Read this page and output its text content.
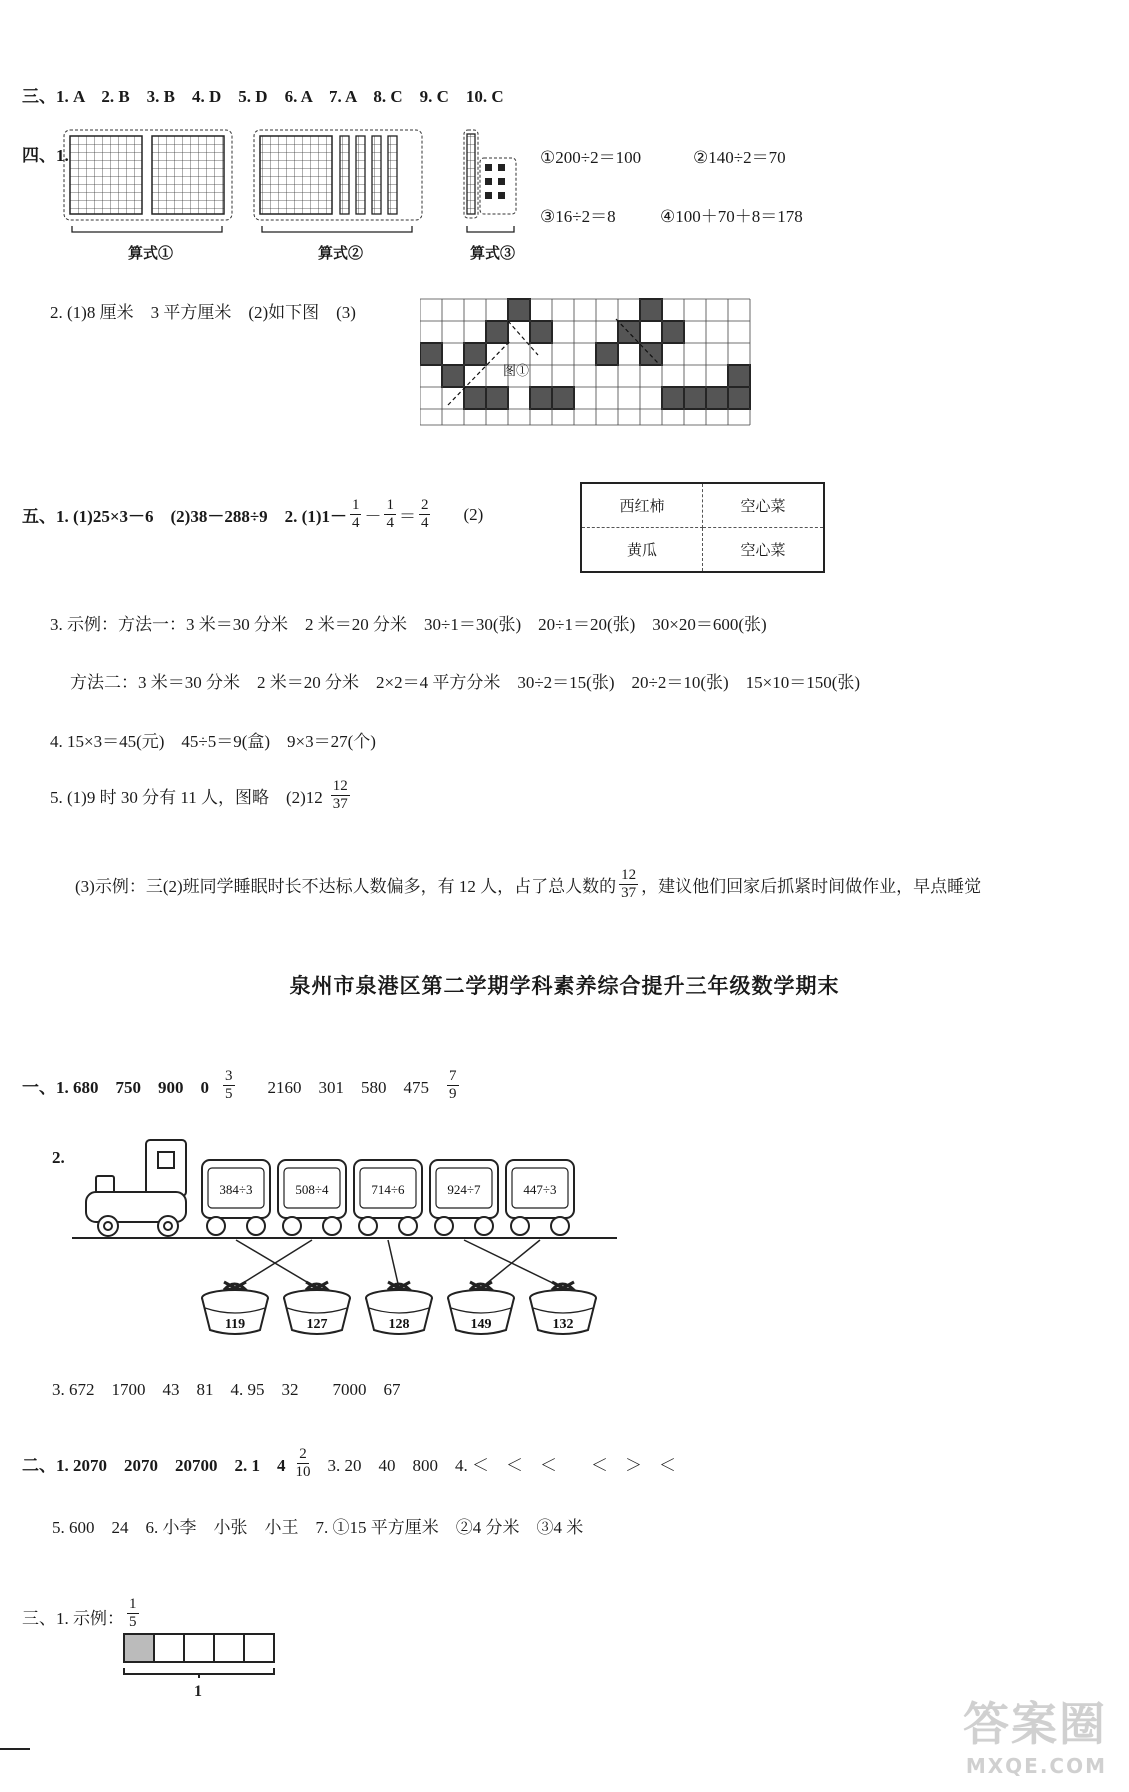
三、1. A　2. B　3. B　4. D　5. D　6. A　7. A　8. C　9. C　10. C
四、1.
算式①	算式②	算式③
①200÷2＝100	②140÷2＝70
③16÷2＝8	④100＋70＋8＝178
2. (1)8 厘米　3 平方厘米　(2)如下图　(3)
图①
五、1. (1)25×3－6　(2)38－288÷9　2. $(1)1- \frac{1}{4} - \frac{1}{4} = \frac{2}{4} (2)$	西红柿	空心菜
黄瓜	空心菜
3. 示例：方法一：3 米＝30 分米　2 米＝20 分米　30÷1＝30(张)　20÷1＝20(张)　30×20＝600(张)
方法二：3 米＝30 分米　2 米＝20 分米　2×2＝4 平方分米　30÷2＝15(张)　20÷2＝10(张)　15×10＝150(张)
4. 15×3＝45(元)　45÷5＝9(盒)　9×3＝27(个)
5. (1)9 时 30 分有 11 人，图略　$(2)12 \frac{12}{37}$
(3)示例：三(2)班同学睡眠时长不达标人数偏多，有 12 人，占了总人数的 $\frac{12}{37}$ ，建议他们回家后抓紧时间做作业，早点睡觉
泉州市泉港区第二学期学科素养综合提升三年级数学期末
一、1. 680　750　900　$0 \frac{3}{5} 2160$　301　580　$475 \frac{7}{9}$
2.
384÷3	508÷4	714÷6	924÷7	447÷3
119	127	128	149	132
3. 672　1700　43　81　4. 95　32　　7000　67
二、1. 2070　2070　20700　2. 1　$4 \frac{2}{10} 3$. 20　40　800　4. ＜　＜　＜　　＜　＞　＜
5. 600　24　6. 小李　小张　小王　7. ①15 平方厘米　②4 分米　③4 米
三、1. 示例： $\frac{1}{5}$
1
答案圈
MXQE.COM
